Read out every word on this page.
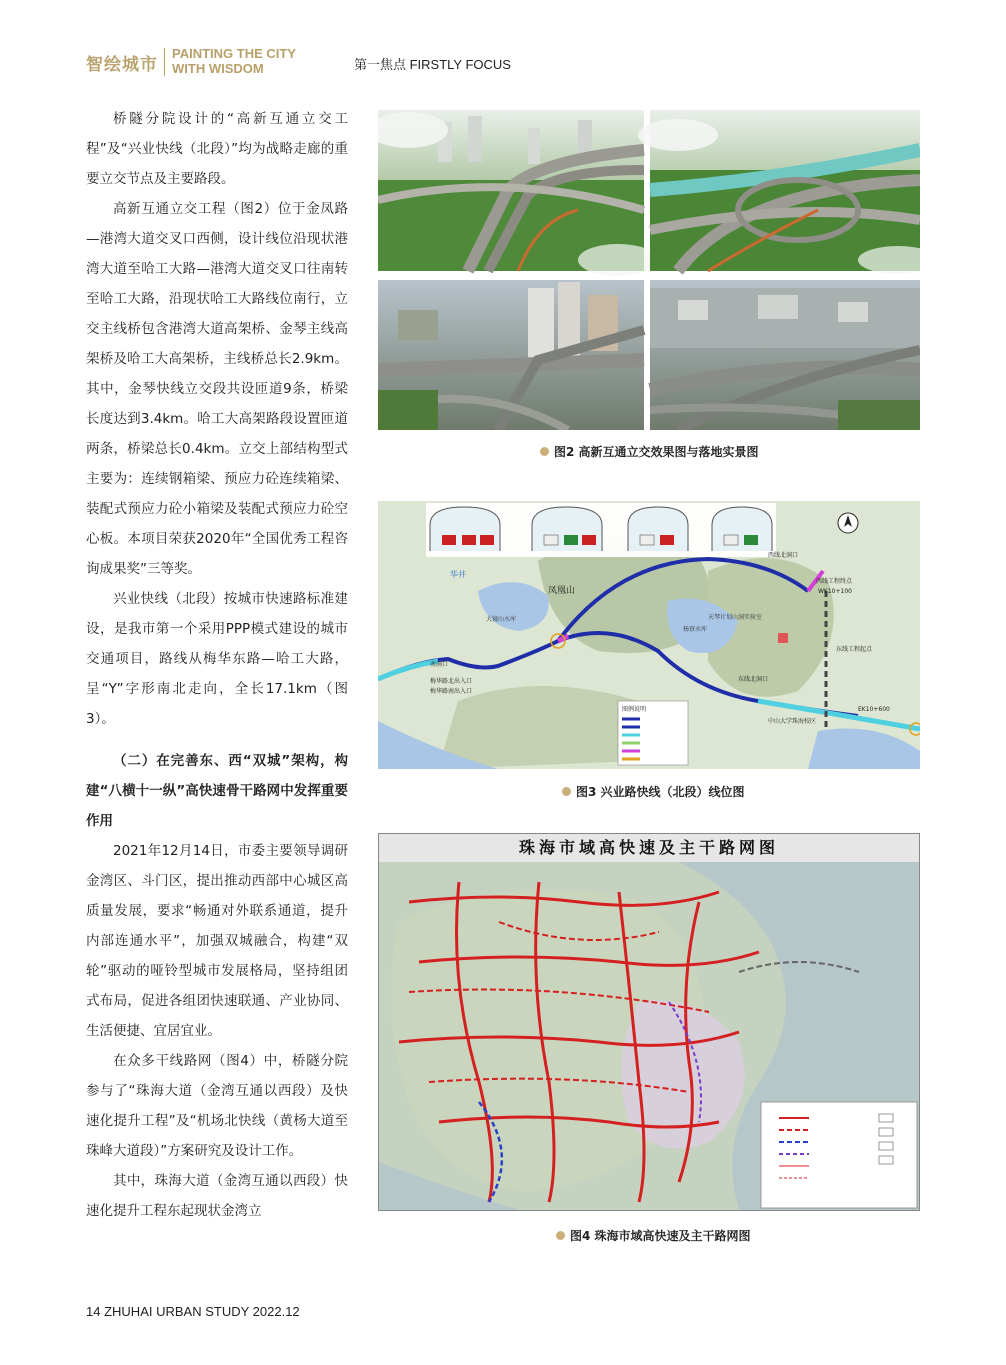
智绘城市
PAINTING THE CITY
WITH WISDOM	第一焦点 FIRSTLY FOCUS

桥隧分院设计的“高新互通立交工程”及“兴业快线（北段）”均为战略走廊的重要立交节点及主要路段。

高新互通立交工程（图2）位于金凤路—港湾大道交叉口西侧，设计线位沿现状港湾大道至哈工大路—港湾大道交叉口往南转至哈工大路，沿现状哈工大路线位南行，立交主线桥包含港湾大道高架桥、金琴主线高架桥及哈工大高架桥，主线桥总长2.9km。其中，金琴快线立交段共设匝道9条，桥梁长度达到3.4km。哈工大高架路段设置匝道两条，桥梁总长0.4km。立交上部结构型式主要为：连续钢箱梁、预应力砼连续箱梁、装配式预应力砼小箱梁及装配式预应力砼空心板。本项目荣获2020年“全国优秀工程咨询成果奖”三等奖。

兴业快线（北段）按城市快速路标准建设，是我市第一个采用PPP模式建设的城市交通项目，路线从梅华东路—哈工大路，呈“Y”字形南北走向，全长17.1km（图3）。

（二）在完善东、西“双城”架构，构建“八横十一纵”高快速骨干路网中发挥重要作用

2021年12月14日，市委主要领导调研金湾区、斗门区，提出推动西部中心城区高质量发展，要求“畅通对外联系通道，提升内部连通水平”，加强双城融合，构建“双轮”驱动的哑铃型城市发展格局，坚持组团式布局，促进各组团快速联通、产业协同、生活便捷、宜居宜业。

在众多干线路网（图4）中，桥隧分院参与了“珠海大道（金湾互通以西段）及快速化提升工程”及“机场北快线（黄杨大道至珠峰大道段）”方案研究及设计工作。

其中，珠海大道（金湾互通以西段）快速化提升工程东起现状金湾立

图2 高新互通立交效果图与落地实景图
凤凰山
大镜山水库
杨寮水库
天琴计划山洞实验室
西线工程终点
WK10+100
东线工程起点
EK10+600
梅华路北出入口
梅华路南出入口
南洞口
中山大学珠海校区
西线北洞口
东线北洞口
华井
图例说明
图3 兴业路快线（北段）线位图
珠海市域高快速及主干路网图
图4 珠海市域高快速及主干路网图
14 ZHUHAI URBAN STUDY 2022.12
